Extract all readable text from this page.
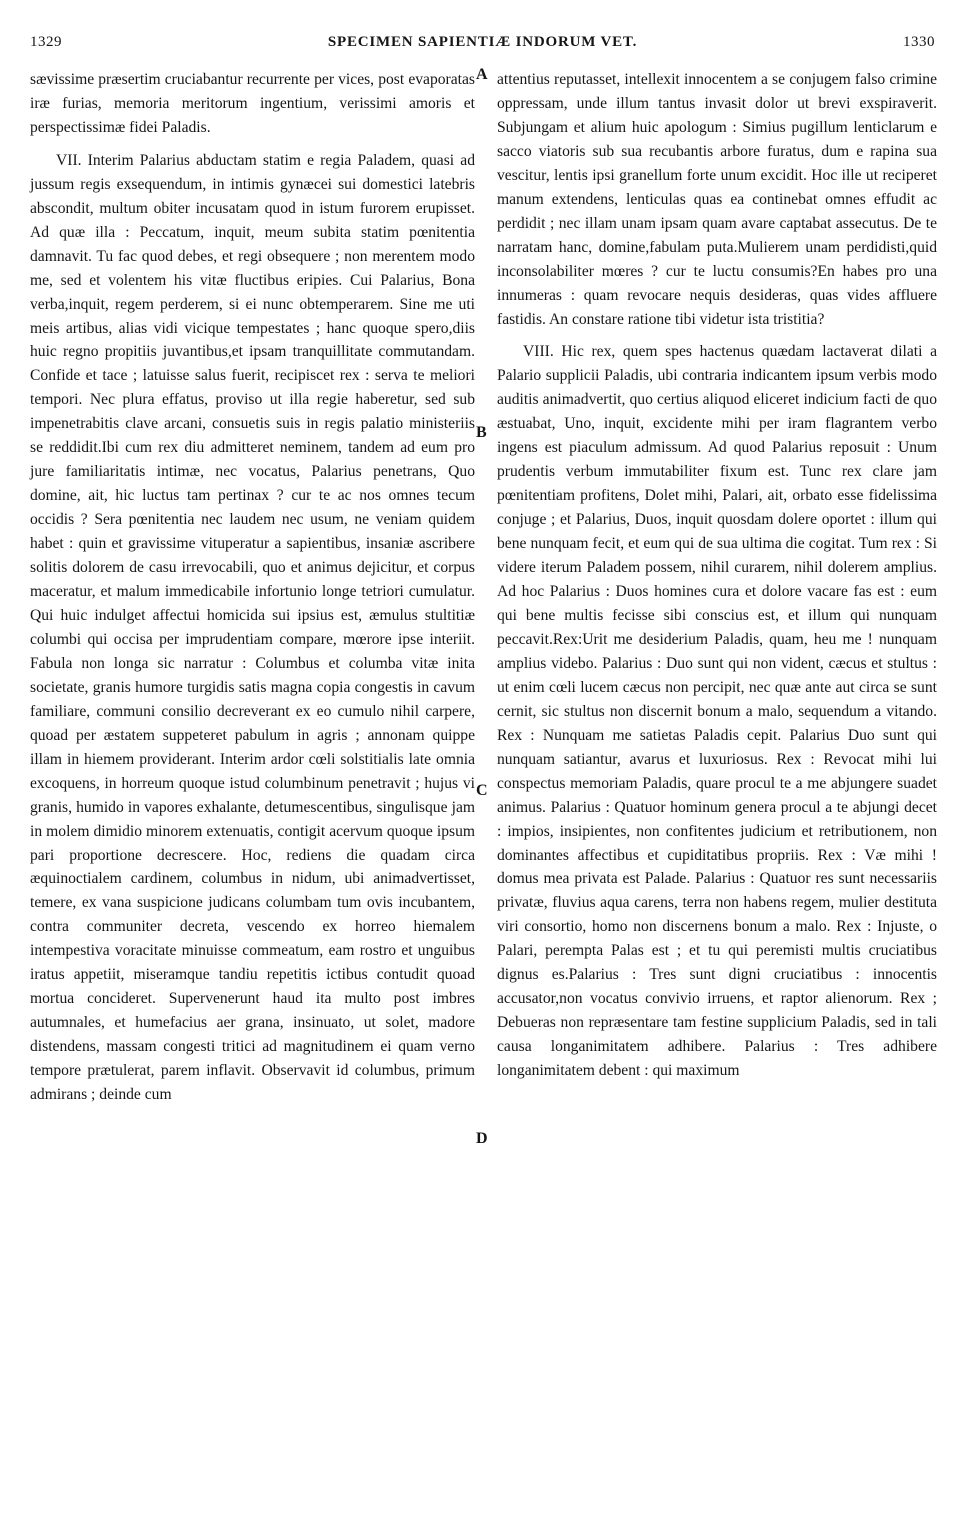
1329	SPECIMEN SAPIENTIÆ INDORUM VET.	1330

sævissime præsertim cruciabantur recurrente per vices, post evaporatas iræ furias, memoria meritorum ingentium, verissimi amoris et perspectissimæ fidei Paladis.

VII. Interim Palarius abductam statim e regia Paladem, quasi ad jussum regis exsequendum, in intimis gynæcei sui domestici latebris abscondit, multum obiter incusatam quod in istum furorem erupisset. Ad quæ illa : Peccatum, inquit, meum subita statim pœnitentia damnavit. Tu fac quod debes, et regi obsequere ; non merentem modo me, sed et volentem his vitæ fluctibus eripies. Cui Palarius, Bona verba,inquit, regem perderem, si ei nunc obtemperarem. Sine me uti meis artibus, alias vidi vicique tempestates ; hanc quoque spero,diis huic regno propitiis juvantibus,et ipsam tranquillitate commutandam. Confide et tace ; latuisse salus fuerit, recipiscet rex : serva te meliori tempori. Nec plura effatus, proviso ut illa regie haberetur, sed sub impenetrabitis clave arcani, consuetis suis in regis palatio ministeriis se reddidit.Ibi cum rex diu admitteret neminem, tandem ad eum pro jure familiaritatis intimæ, nec vocatus, Palarius penetrans, Quo domine, ait, hic luctus tam pertinax ? cur te ac nos omnes tecum occidis ? Sera pœnitentia nec laudem nec usum, ne veniam quidem habet : quin et gravissime vituperatur a sapientibus, insaniæ ascribere solitis dolorem de casu irrevocabili, quo et animus dejicitur, et corpus maceratur, et malum immedicabile infortunio longe tetriori cumulatur. Qui huic indulget affectui homicida sui ipsius est, æmulus stultitiæ columbi qui occisa per imprudentiam compare, mœrore ipse interiit. Fabula non longa sic narratur : Columbus et columba vitæ inita societate, granis humore turgidis satis magna copia congestis in cavum familiare, communi consilio decreverant ex eo cumulo nihil carpere, quoad per æstatem suppeteret pabulum in agris ; annonam quippe illam in hiemem providerant. Interim ardor cœli solstitialis late omnia excoquens, in horreum quoque istud columbinum penetravit ; hujus vi granis, humido in vapores exhalante, detumescentibus, singulisque jam in molem dimidio minorem extenuatis, contigit acervum quoque ipsum pari proportione decrescere. Hoc, rediens die quadam circa æquinoctialem cardinem, columbus in nidum, ubi animadvertisset, temere, ex vana suspicione judicans columbam tum ovis incubantem, contra communiter decreta, vescendo ex horreo hiemalem intempestiva voracitate minuisse commeatum, eam rostro et unguibus iratus appetiit, miseramque tandiu repetitis ictibus contudit quoad mortua concideret. Supervenerunt haud ita multo post imbres autumnales, et humefacius aer grana, insinuato, ut solet, madore distendens, massam congesti tritici ad magnitudinem ei quam verno tempore prætulerat, parem inflavit. Observavit id columbus, primum admirans ; deinde cum

attentius reputasset, intellexit innocentem a se conjugem falso crimine oppressam, unde illum tantus invasit dolor ut brevi exspiraverit. Subjungam et alium huic apologum : Simius pugillum lenticlarum e sacco viatoris sub sua recubantis arbore furatus, dum e rapina sua vescitur, lentis ipsi granellum forte unum excidit. Hoc ille ut reciperet manum extendens, lenticulas quas ea continebat omnes effudit ac perdidit ; nec illam unam ipsam quam avare captabat assecutus. De te narratam hanc, domine,fabulam puta.Mulierem unam perdidisti,quid inconsolabiliter mœres ? cur te luctu consumis?En habes pro una innumeras : quam revocare nequis desideras, quas vides affluere fastidis. An constare ratione tibi videtur ista tristitia?

VIII. Hic rex, quem spes hactenus quædam lactaverat dilati a Palario supplicii Paladis, ubi contraria indicantem ipsum verbis modo auditis animadvertit, quo certius aliquod eliceret indicium facti de quo æstuabat, Uno, inquit, excidente mihi per iram flagrantem verbo ingens est piaculum admissum. Ad quod Palarius reposuit : Unum prudentis verbum immutabiliter fixum est. Tunc rex clare jam pœnitentiam profitens, Dolet mihi, Palari, ait, orbato esse fidelissima conjuge ; et Palarius, Duos, inquit quosdam dolere oportet : illum qui bene nunquam fecit, et eum qui de sua ultima die cogitat. Tum rex : Si videre iterum Paladem possem, nihil curarem, nihil dolerem amplius. Ad hoc Palarius : Duos homines cura et dolore vacare fas est : eum qui bene multis fecisse sibi conscius est, et illum qui nunquam peccavit.Rex:Urit me desiderium Paladis, quam, heu me ! nunquam amplius videbo. Palarius : Duo sunt qui non vident, cæcus et stultus : ut enim cœli lucem cæcus non percipit, nec quæ ante aut circa se sunt cernit, sic stultus non discernit bonum a malo, sequendum a vitando. Rex : Nunquam me satietas Paladis cepit. Palarius Duo sunt qui nunquam satiantur, avarus et luxuriosus. Rex : Revocat mihi lui conspectus memoriam Paladis, quare procul te a me abjungere suadet animus. Palarius : Quatuor hominum genera procul a te abjungi decet : impios, insipientes, non confitentes judicium et retributionem, non dominantes affectibus et cupiditatibus propriis. Rex : Væ mihi ! domus mea privata est Palade. Palarius : Quatuor res sunt necessariis privatæ, fluvius aqua carens, terra non habens regem, mulier destituta viri consortio, homo non discernens bonum a malo. Rex : Injuste, o Palari, perempta Palas est ; et tu qui peremisti multis cruciatibus dignus es.Palarius : Tres sunt digni cruciatibus : innocentis accusator,non vocatus convivio irruens, et raptor alienorum. Rex ; Debueras non repræsentare tam festine supplicium Paladis, sed in tali causa longanimitatem adhibere. Palarius : Tres adhibere longanimitatem debent : qui maximum

A
B
C
D
